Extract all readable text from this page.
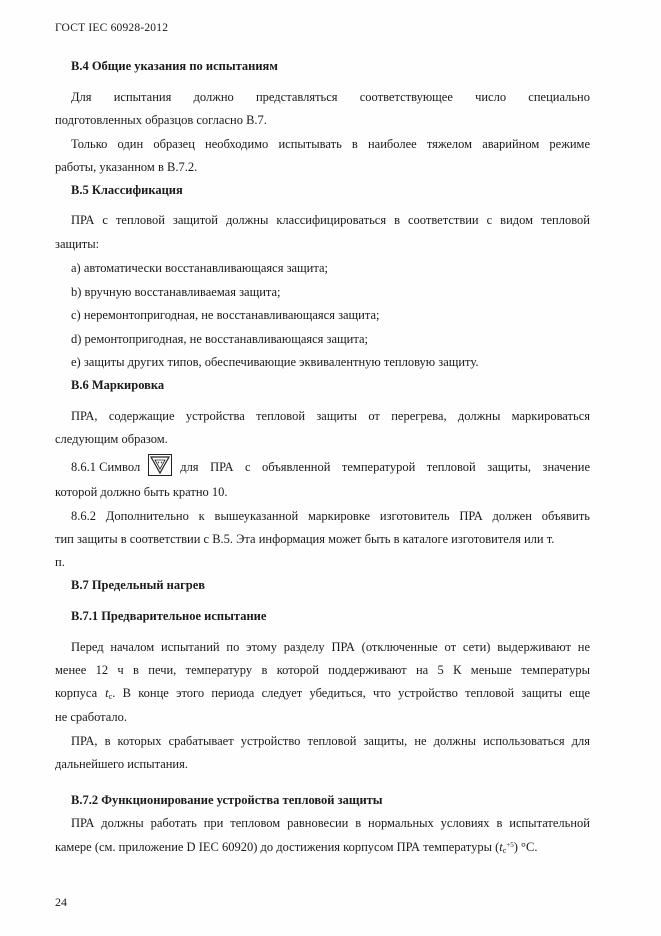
ГОСТ IEC 60928-2012
В.4 Общие указания по испытаниям
Для испытания должно представляться соответствующее число специально
подготовленных образцов согласно В.7.
Только один образец необходимо испытывать в наиболее тяжелом аварийном режиме
работы, указанном в В.7.2.
В.5 Классификация
ПРА с тепловой защитой должны классифицироваться в соответствии с видом тепловой
защиты:
a) автоматически восстанавливающаяся защита;
b) вручную восстанавливаемая защита;
c) неремонтопригодная, не восстанавливающаяся защита;
d) ремонтопригодная, не восстанавливающаяся защита;
e) защиты других типов, обеспечивающие эквивалентную тепловую защиту.
В.6 Маркировка
ПРА, содержащие устройства тепловой защиты от перегрева, должны маркироваться
следующим образом.
8.6.1 Символ	для ПРА с объявленной температурой тепловой защиты, значение
которой должно быть кратно 10.
8.6.2 Дополнительно к вышеуказанной маркировке изготовитель ПРА должен объявить
тип защиты в соответствии с В.5. Эта информация может быть в каталоге изготовителя или т.
п.
В.7 Предельный нагрев
В.7.1 Предварительное испытание
Перед началом испытаний по этому разделу ПРА (отключенные от сети) выдерживают не
менее 12 ч в печи, температуру в которой поддерживают на 5 К меньше температуры
корпуса $t_c$ . В конце этого периода следует убедиться, что устройство тепловой защиты еще
не сработало.
ПРА, в которых срабатывает устройство тепловой защиты, не должны использоваться для
дальнейшего испытания.
В.7.2 Функционирование устройства тепловой защиты
ПРА должны работать при тепловом равновесии в нормальных условиях в испытательной
камере (см. приложение D IEC 60920) до достижения корпусом ПРА температуры $(t_c^{+5})$ °С.
24
